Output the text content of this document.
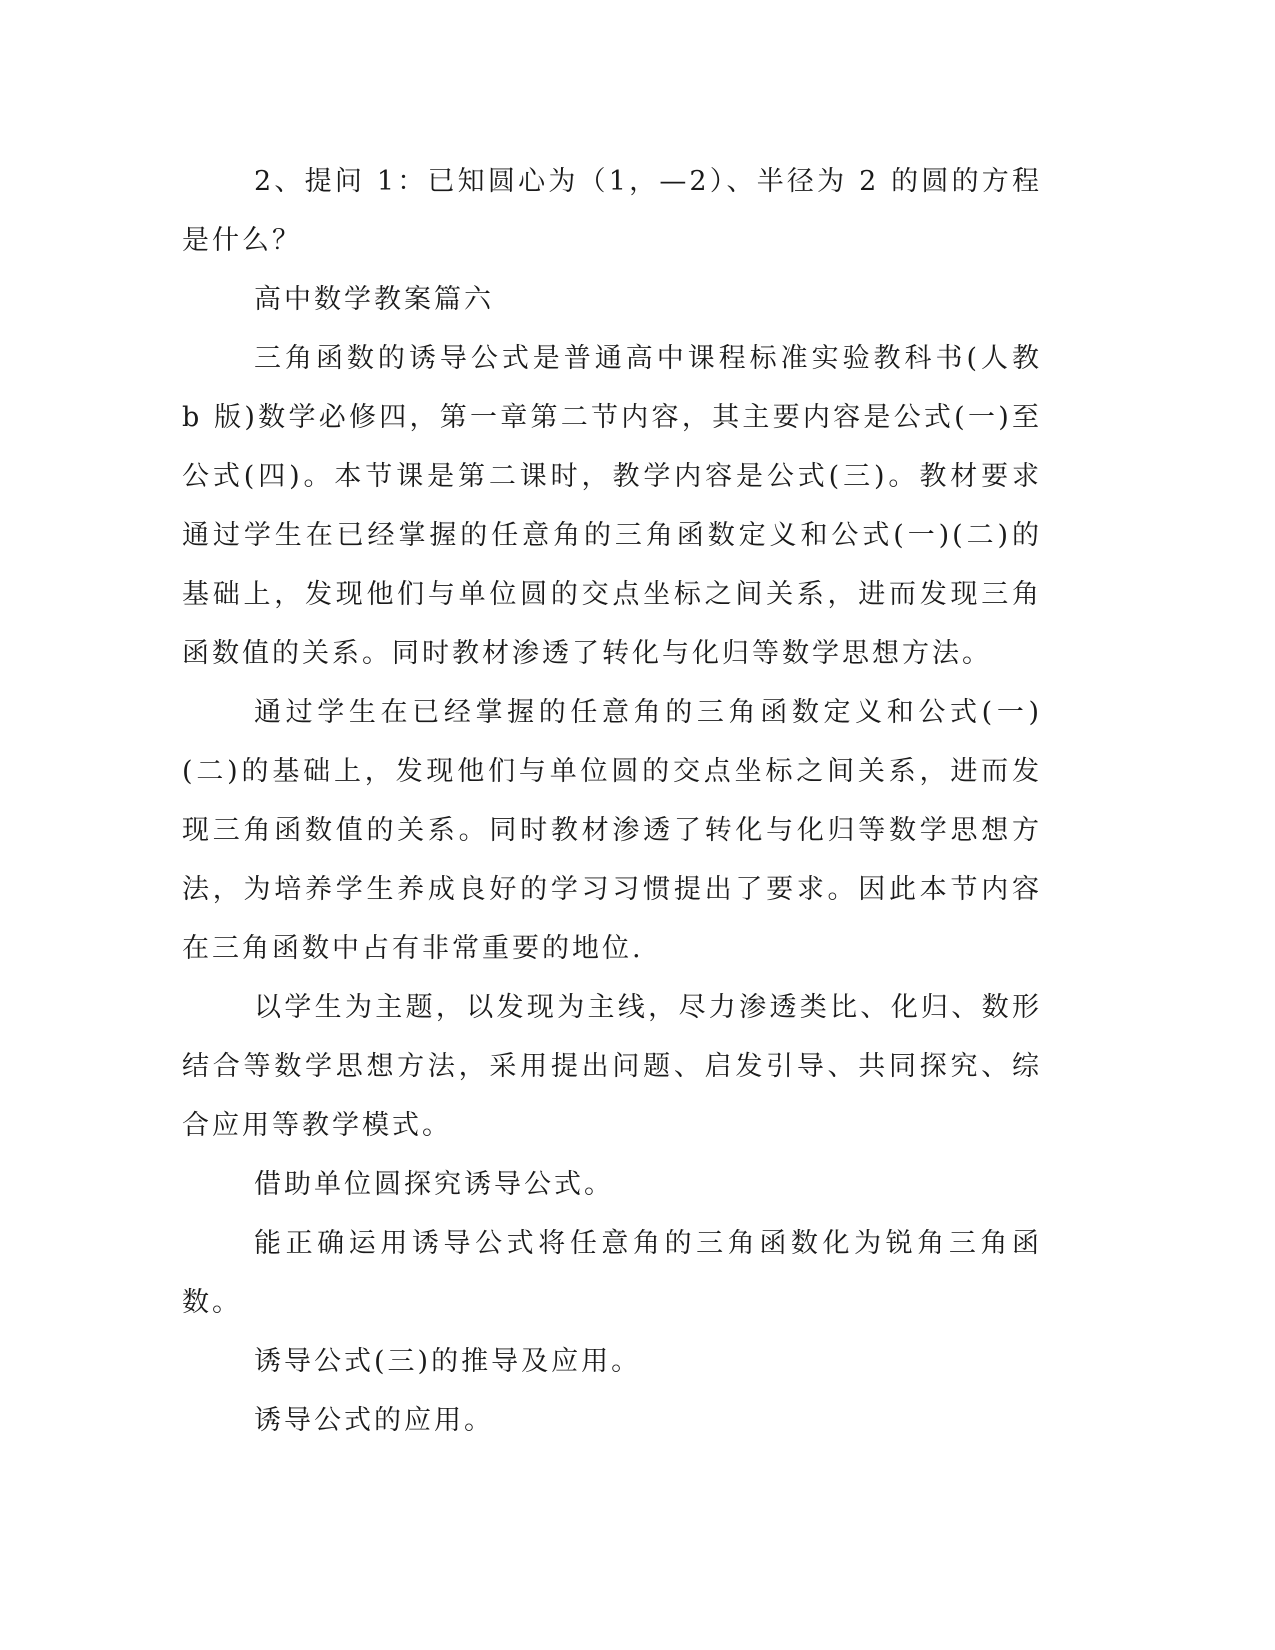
2、提问 1：已知圆心为（1，—2）、半径为 2 的圆的方程是什么？

高中数学教案篇六

三角函数的诱导公式是普通高中课程标准实验教科书(人教 b 版)数学必修四，第一章第二节内容，其主要内容是公式(一)至公式(四)。本节课是第二课时，教学内容是公式(三)。教材要求通过学生在已经掌握的任意角的三角函数定义和公式(一)(二)的基础上，发现他们与单位圆的交点坐标之间关系，进而发现三角函数值的关系。同时教材渗透了转化与化归等数学思想方法。

通过学生在已经掌握的任意角的三角函数定义和公式(一)(二)的基础上，发现他们与单位圆的交点坐标之间关系，进而发现三角函数值的关系。同时教材渗透了转化与化归等数学思想方法，为培养学生养成良好的学习习惯提出了要求。因此本节内容在三角函数中占有非常重要的地位.

以学生为主题，以发现为主线，尽力渗透类比、化归、数形结合等数学思想方法，采用提出问题、启发引导、共同探究、综合应用等教学模式。

借助单位圆探究诱导公式。

能正确运用诱导公式将任意角的三角函数化为锐角三角函数。

诱导公式(三)的推导及应用。

诱导公式的应用。
